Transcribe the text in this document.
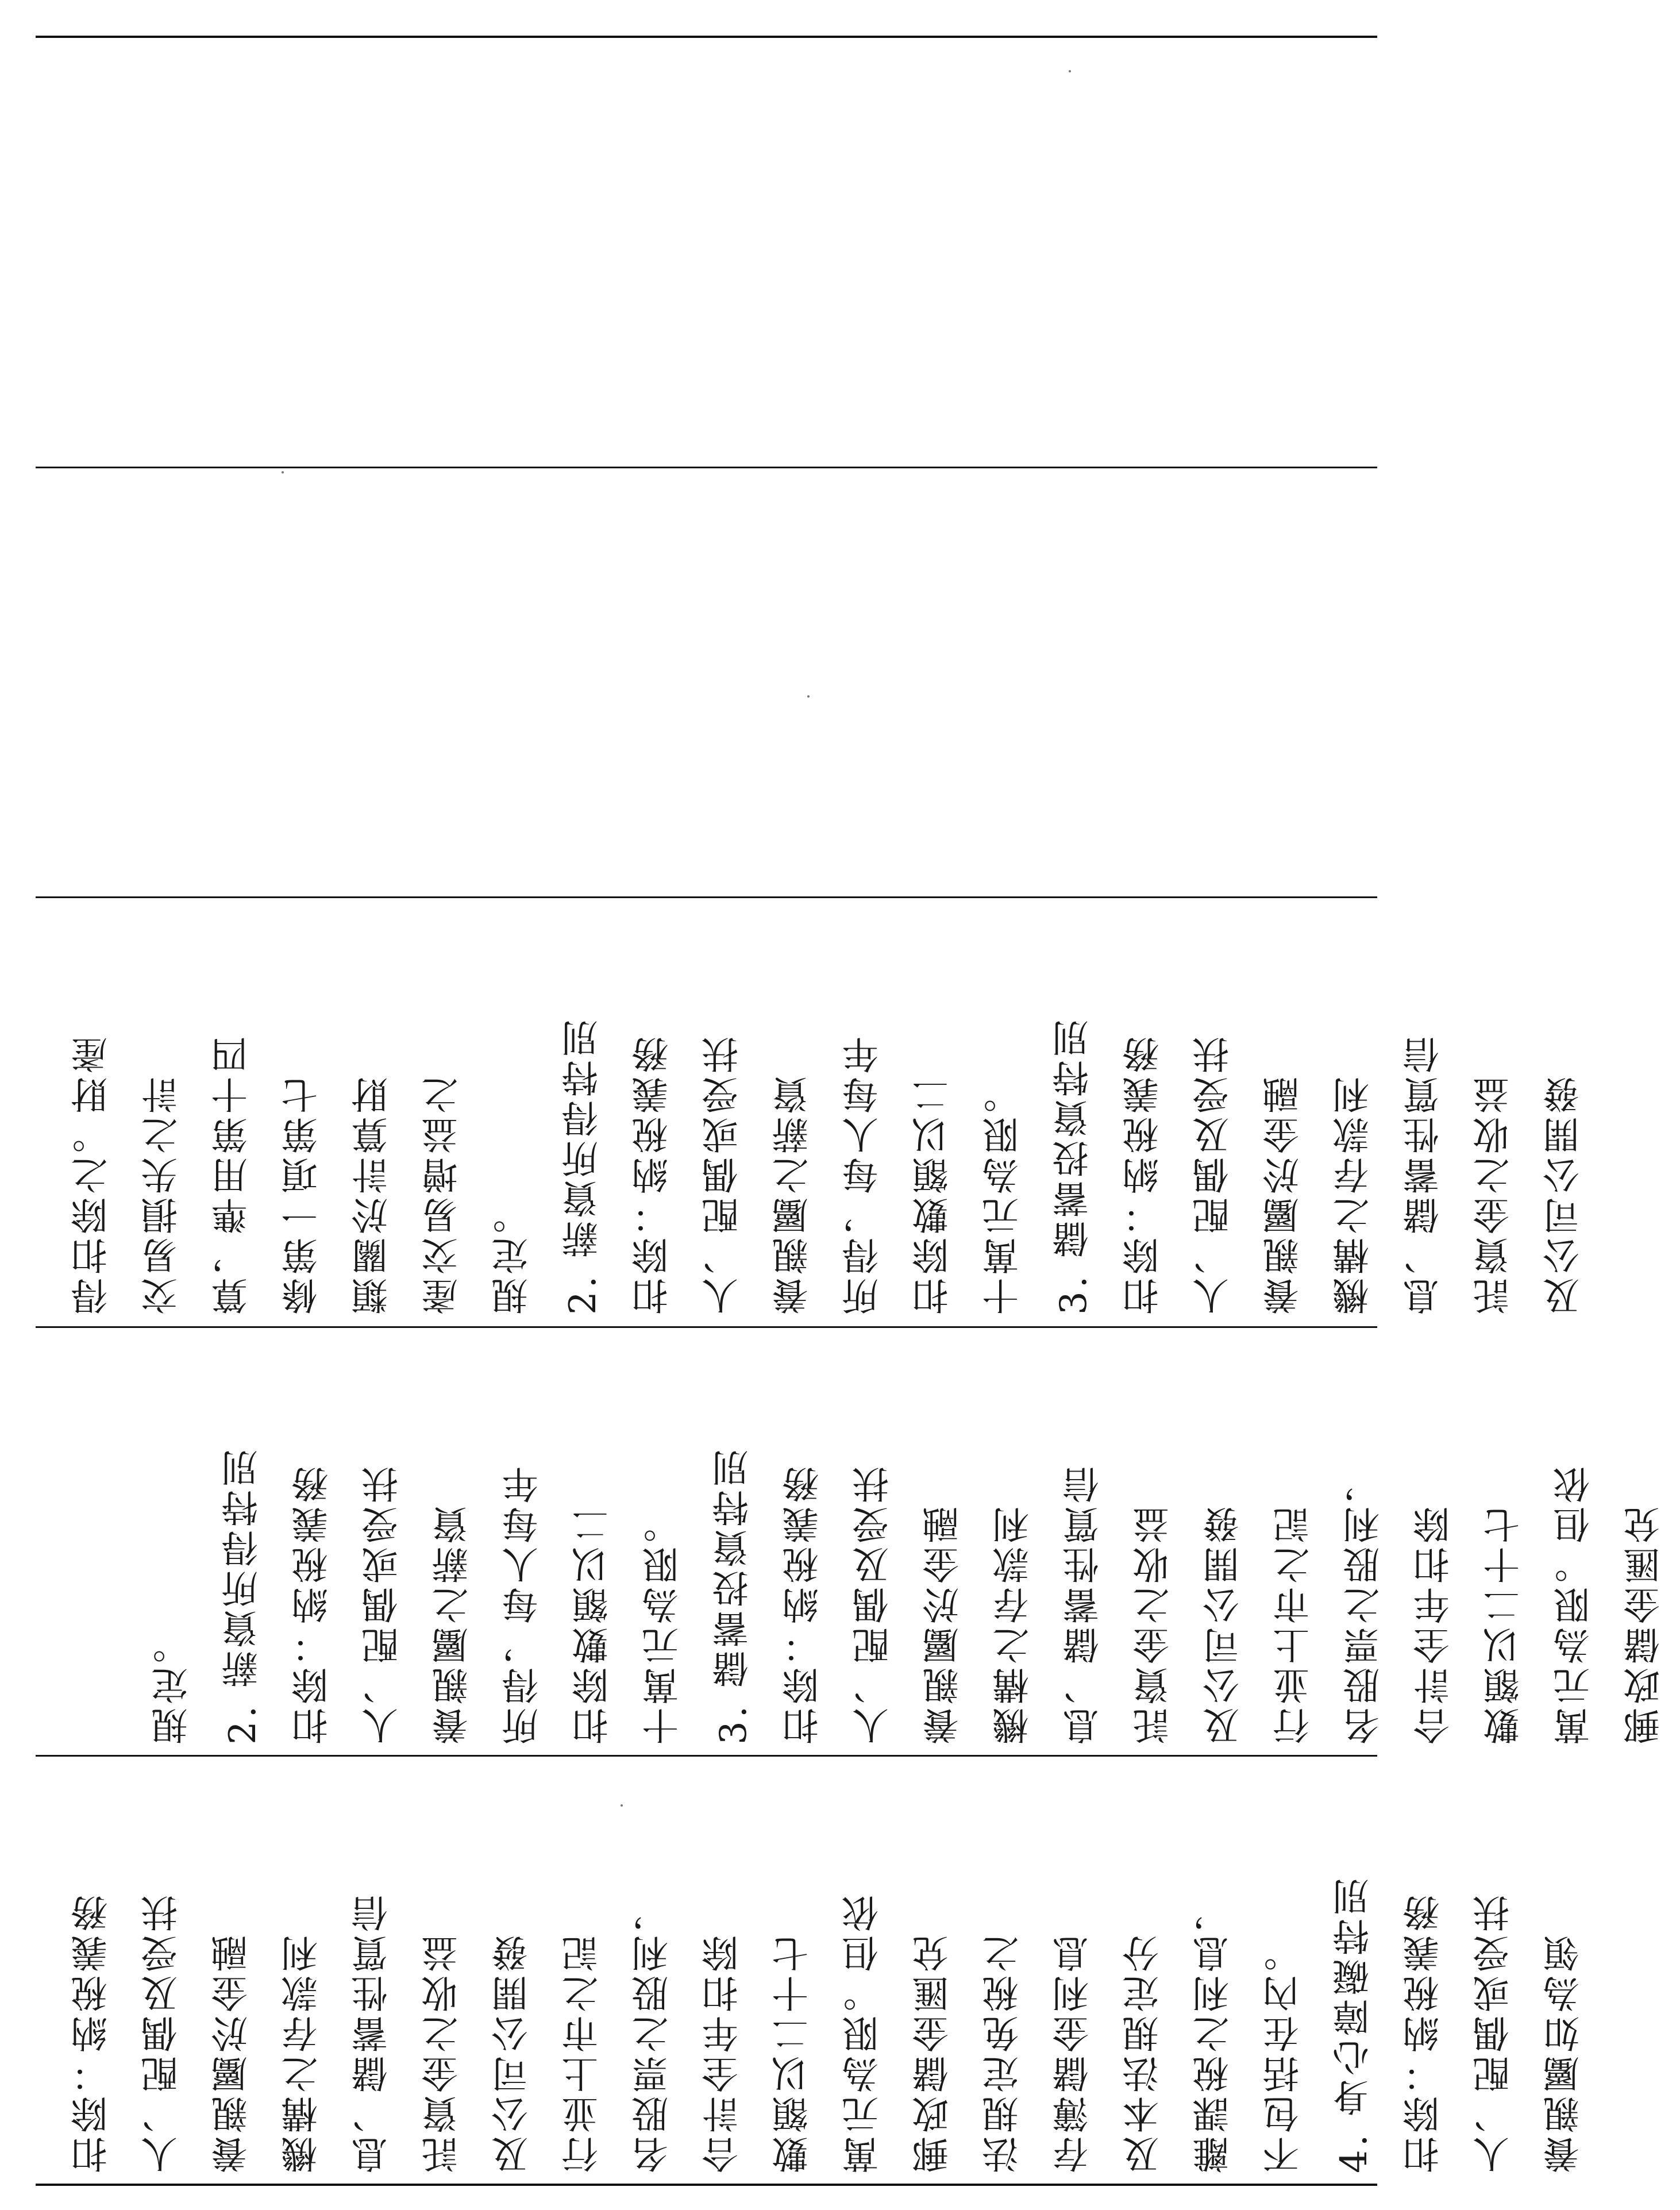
扣除：納稅義務 人、配偶及受扶 養親屬於金融 機構之存款利 息、儲蓄性質信 託資金之收益 及公司公開發 行並上市之記 名股票之股利， 合計全年扣除 數額以二十七 萬元為限。但依 郵政儲金匯兌 法規定免稅之 存簿儲金利息 及本法規定分 離課稅之利息， 不包括在內。 4. 身心障礙特別 扣除：納稅義務 人、配偶或受扶 養親屬如為領
規定。 2. 薪資所得特別 扣除：納稅義務 人、配偶或受扶 養親屬之薪資 所得，每人每年 扣除數額以二 十萬元為限。 3. 儲蓄投資特別 扣除：納稅義務 人、配偶及受扶 養親屬於金融 機構之存款利 息、儲蓄性質信 託資金之收益 及公司公開發 行並上市之記 名股票之股利， 合計全年扣除 數額以二十七 萬元為限。但依 郵政儲金匯兌
得扣除之。財產 交易損失之計 算，準用第十四 條第一項第七 類關於計算財 產交易增益之 規定。 2. 薪資所得特別 扣除：納稅義務 人、配偶或受扶 養親屬之薪資 所得，每人每年 扣除數額以二 十萬元為限。 3. 儲蓄投資特別 扣除：納稅義務 人、配偶及受扶 養親屬於金融 機構之存款利 息、儲蓄性質信 託資金之收益 及公司公開發
